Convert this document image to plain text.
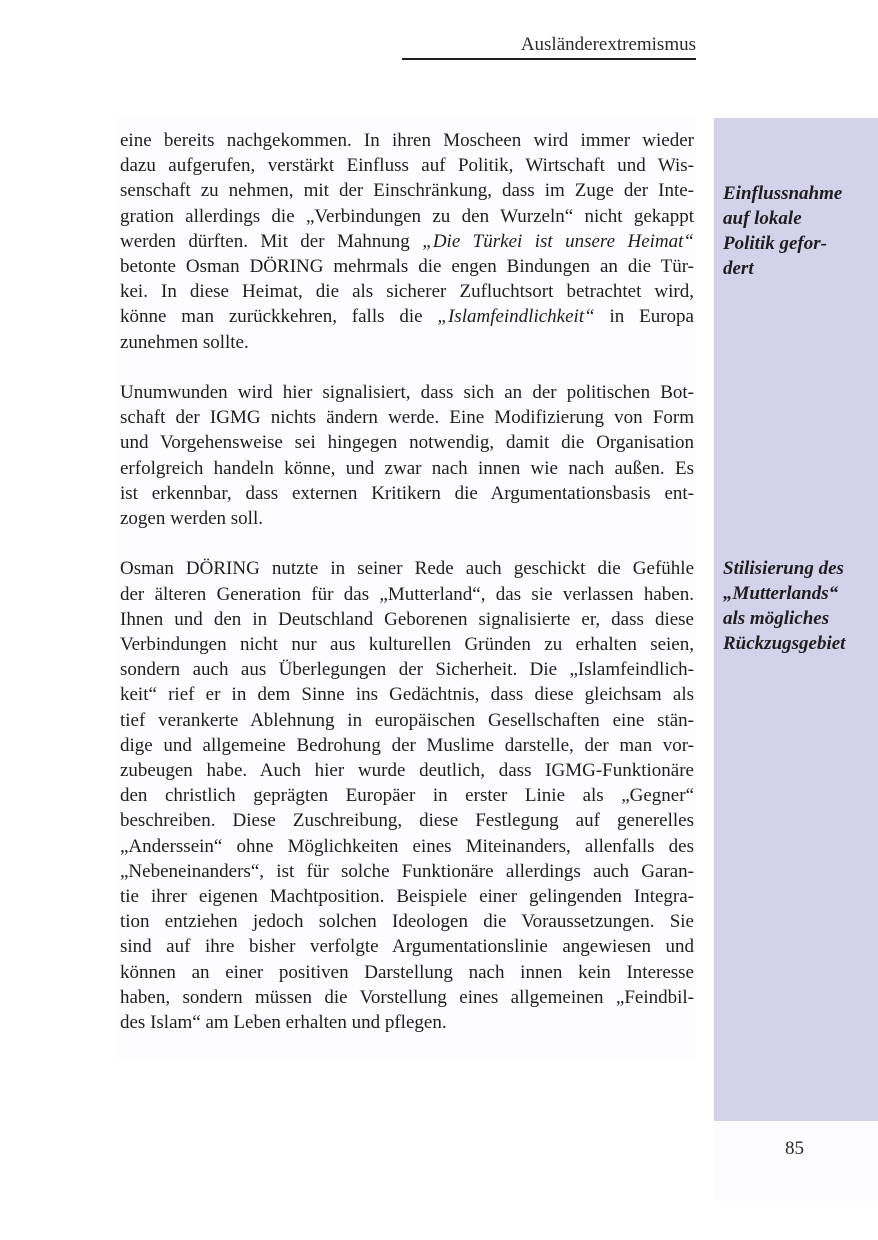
Ausländerextremismus

eine bereits nachgekommen. In ihren Moscheen wird immer wieder
dazu aufgerufen, verstärkt Einfluss auf Politik, Wirtschaft und Wis-
senschaft zu nehmen, mit der Einschränkung, dass im Zuge der Inte-
gration allerdings die „Verbindungen zu den Wurzeln“ nicht gekappt
werden dürften. Mit der Mahnung „Die Türkei ist unsere Heimat“
betonte Osman DÖRING mehrmals die engen Bindungen an die Tür-
kei. In diese Heimat, die als sicherer Zufluchtsort betrachtet wird,
könne man zurückkehren, falls die „Islamfeindlichkeit“ in Europa
zunehmen sollte.

Unumwunden wird hier signalisiert, dass sich an der politischen Bot-
schaft der IGMG nichts ändern werde. Eine Modifizierung von Form
und Vorgehensweise sei hingegen notwendig, damit die Organisation
erfolgreich handeln könne, und zwar nach innen wie nach außen. Es
ist erkennbar, dass externen Kritikern die Argumentationsbasis ent-
zogen werden soll.

Osman DÖRING nutzte in seiner Rede auch geschickt die Gefühle
der älteren Generation für das „Mutterland“, das sie verlassen haben.
Ihnen und den in Deutschland Geborenen signalisierte er, dass diese
Verbindungen nicht nur aus kulturellen Gründen zu erhalten seien,
sondern auch aus Überlegungen der Sicherheit. Die „Islamfeindlich-
keit“ rief er in dem Sinne ins Gedächtnis, dass diese gleichsam als
tief verankerte Ablehnung in europäischen Gesellschaften eine stän-
dige und allgemeine Bedrohung der Muslime darstelle, der man vor-
zubeugen habe. Auch hier wurde deutlich, dass IGMG-Funktionäre
den christlich geprägten Europäer in erster Linie als „Gegner“
beschreiben. Diese Zuschreibung, diese Festlegung auf generelles
„Anderssein“ ohne Möglichkeiten eines Miteinanders, allenfalls des
„Nebeneinanders“, ist für solche Funktionäre allerdings auch Garan-
tie ihrer eigenen Machtposition. Beispiele einer gelingenden Integra-
tion entziehen jedoch solchen Ideologen die Voraussetzungen. Sie
sind auf ihre bisher verfolgte Argumentationslinie angewiesen und
können an einer positiven Darstellung nach innen kein Interesse
haben, sondern müssen die Vorstellung eines allgemeinen „Feindbil-
des Islam“ am Leben erhalten und pflegen.

Einflussnahme
auf lokale
Politik gefor-
dert
Stilisierung des
„Mutterlands“
als mögliches
Rückzugsgebiet
85
